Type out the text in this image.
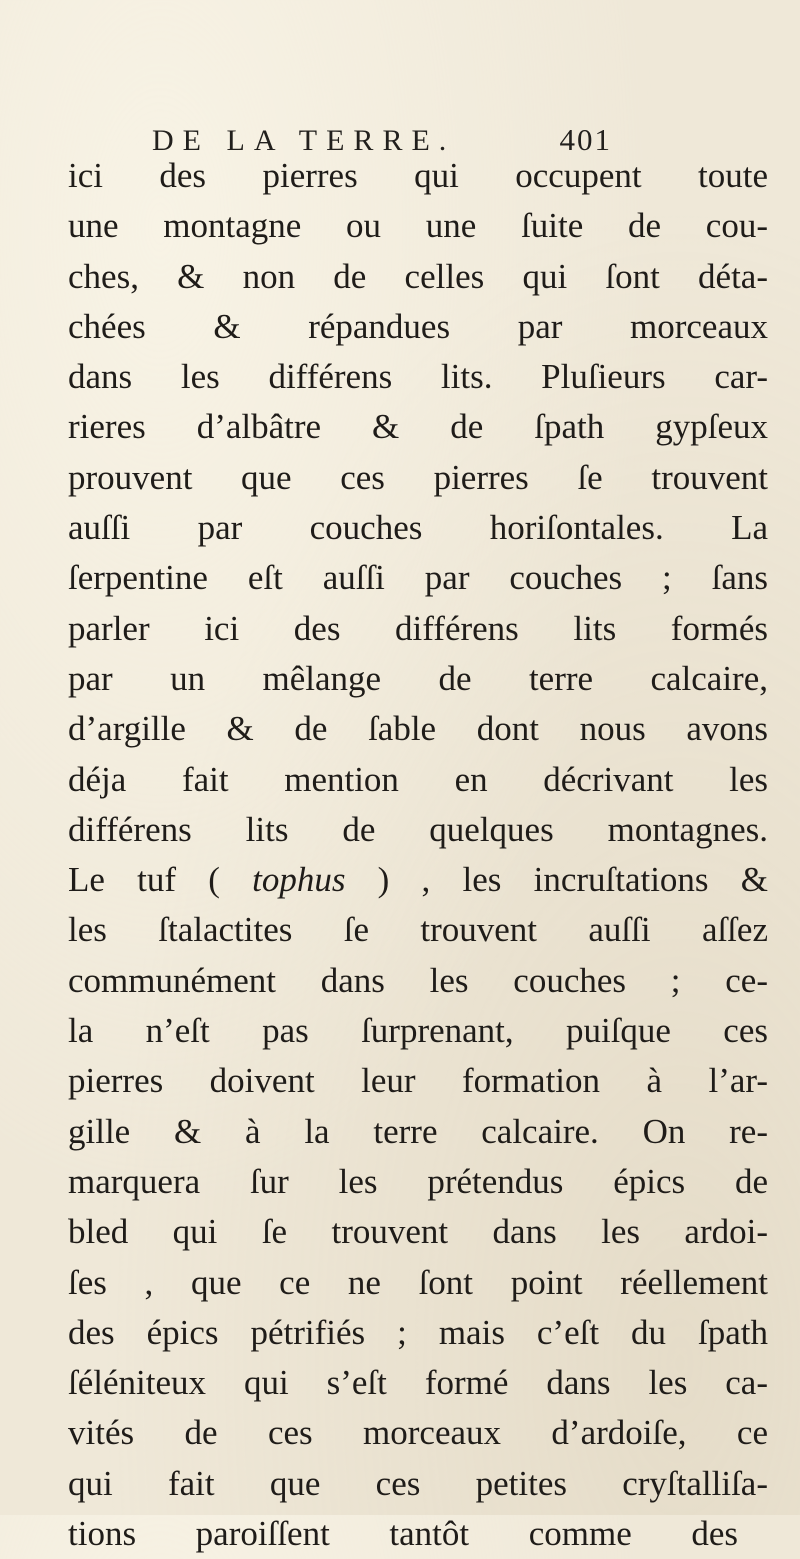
DE LA TERRE.	401
ici des pierres qui occupent toute
une montagne ou une ſuite de cou-
ches, & non de celles qui ſont déta-
chées & répandues par morceaux
dans les différens lits. Pluſieurs car-
rieres d’albâtre & de ſpath gypſeux
prouvent que ces pierres ſe trouvent
auſſi par couches horiſontales. La
ſerpentine eſt auſſi par couches ; ſans
parler ici des différens lits formés
par un mêlange de terre calcaire,
d’argille & de ſable dont nous avons
déja fait mention en décrivant les
différens lits de quelques montagnes.
Le tuf ( tophus ) , les incruſtations &
les ſtalactites ſe trouvent auſſi aſſez
communément dans les couches ; ce-
la n’eſt pas ſurprenant, puiſque ces
pierres doivent leur formation à l’ar-
gille & à la terre calcaire. On re-
marquera ſur les prétendus épics de
bled qui ſe trouvent dans les ardoi-
ſes , que ce ne ſont point réellement
des épics pétrifiés ; mais c’eſt du ſpath
ſéléniteux qui s’eſt formé dans les ca-
vités de ces morceaux d’ardoiſe, ce
qui fait que ces petites cryſtalliſa-
tions paroiſſent tantôt comme des
